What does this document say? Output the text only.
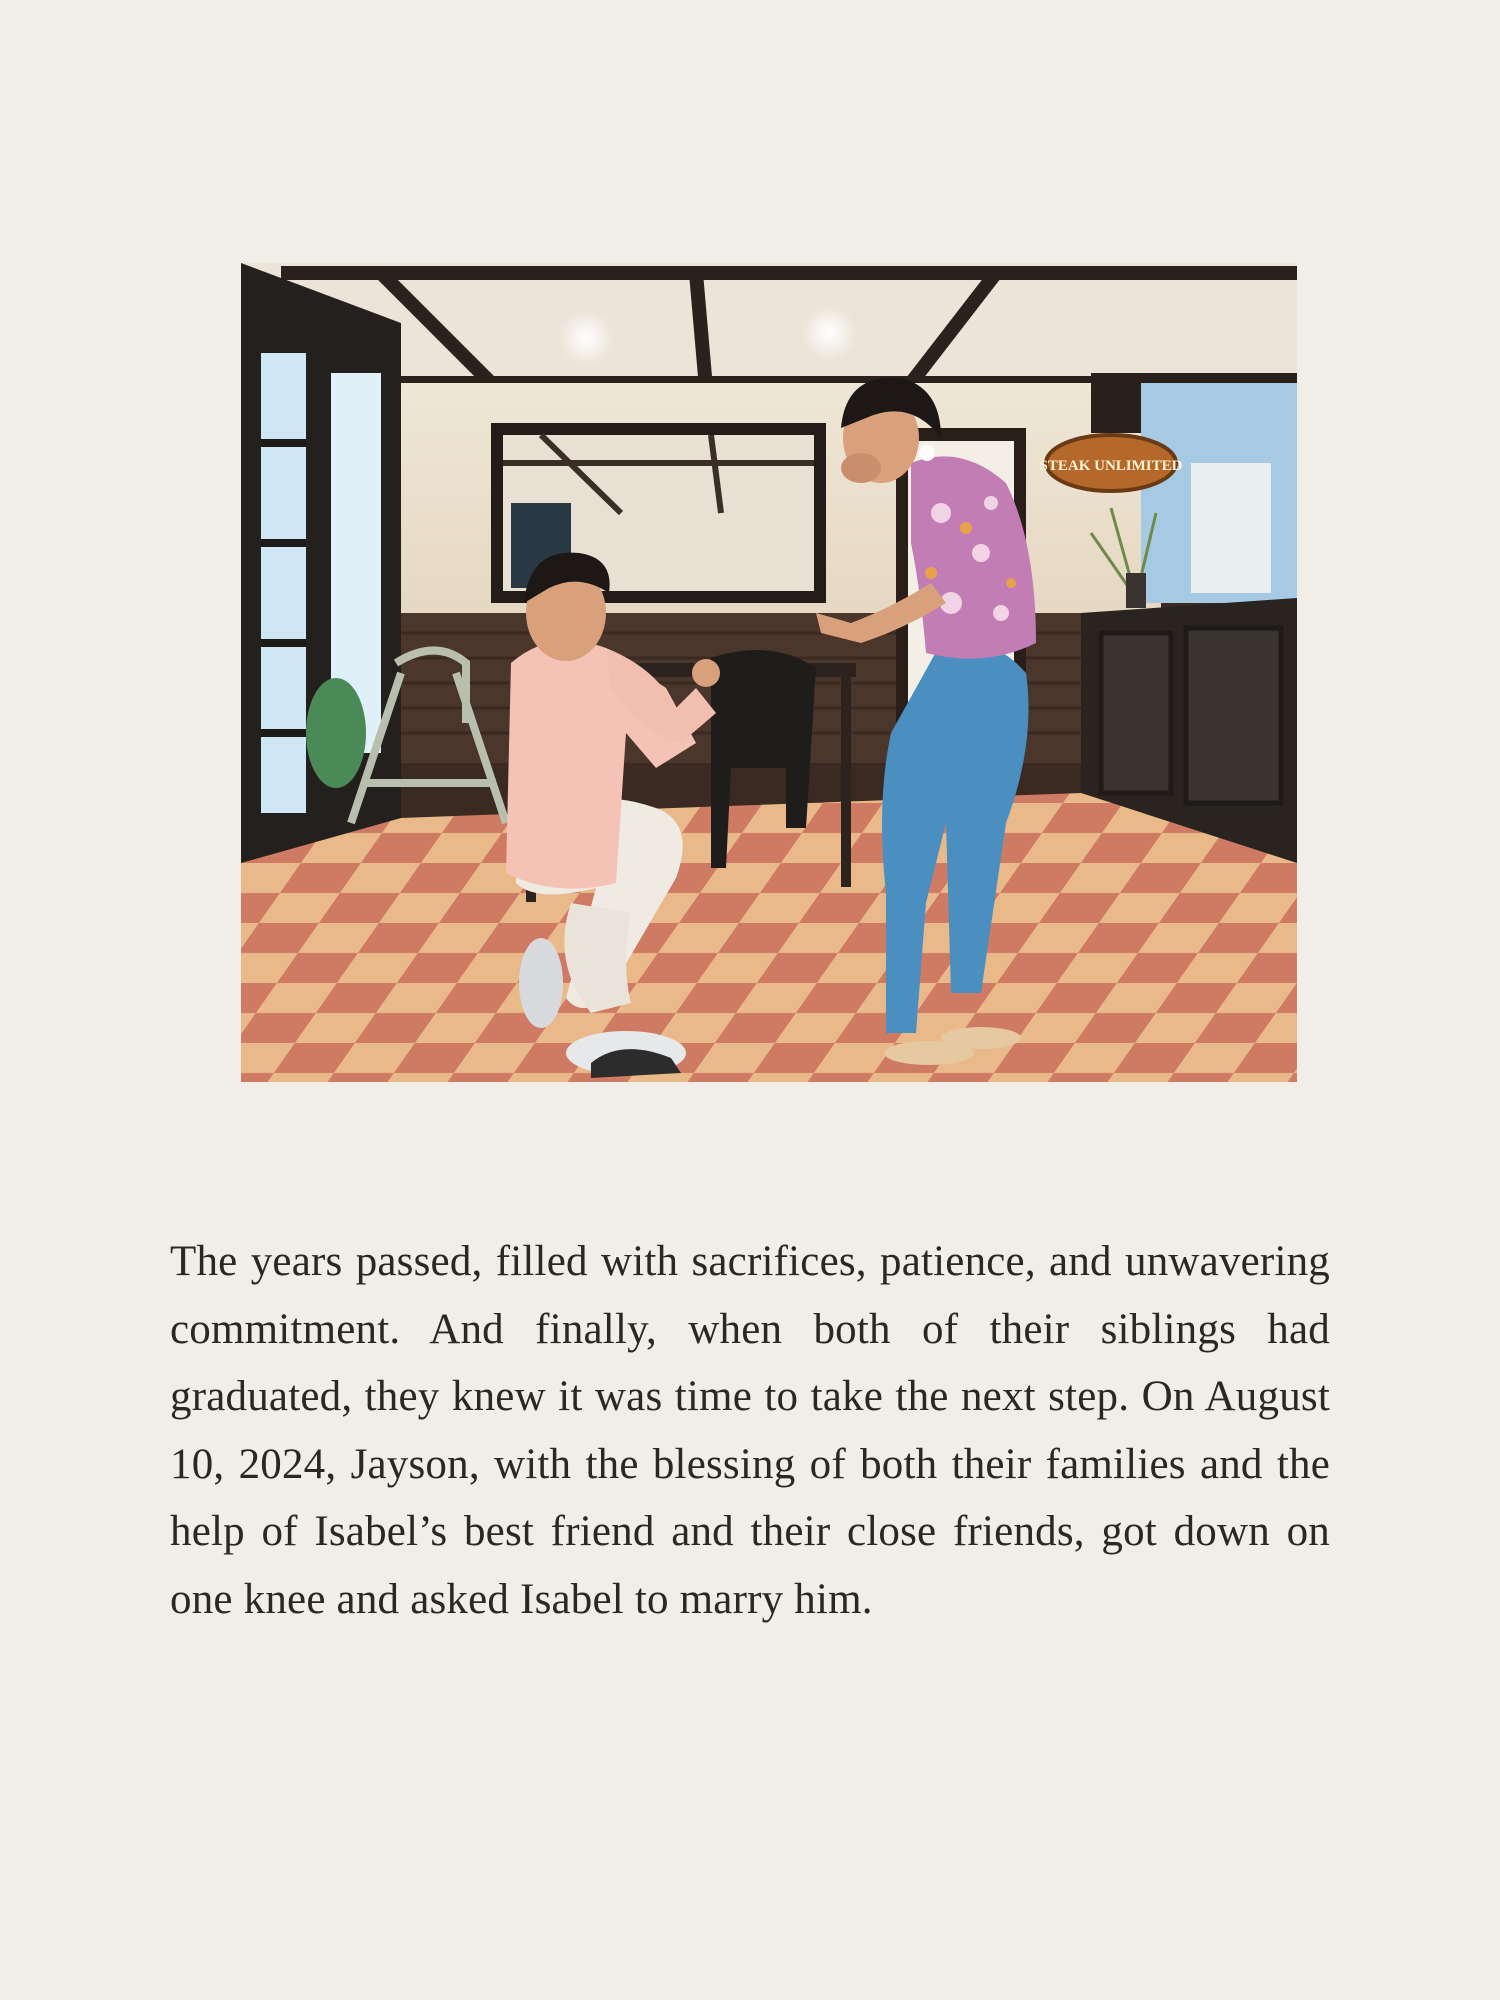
STEAK UNLIMITED

The years passed, filled with sacrifices, patience, and unwavering commitment. And finally, when both of their siblings had graduated, they knew it was time to take the next step. On August 10, 2024, Jayson, with the blessing of both their families and the help of Isabel’s best friend and their close friends, got down on one knee and asked Isabel to marry him.
